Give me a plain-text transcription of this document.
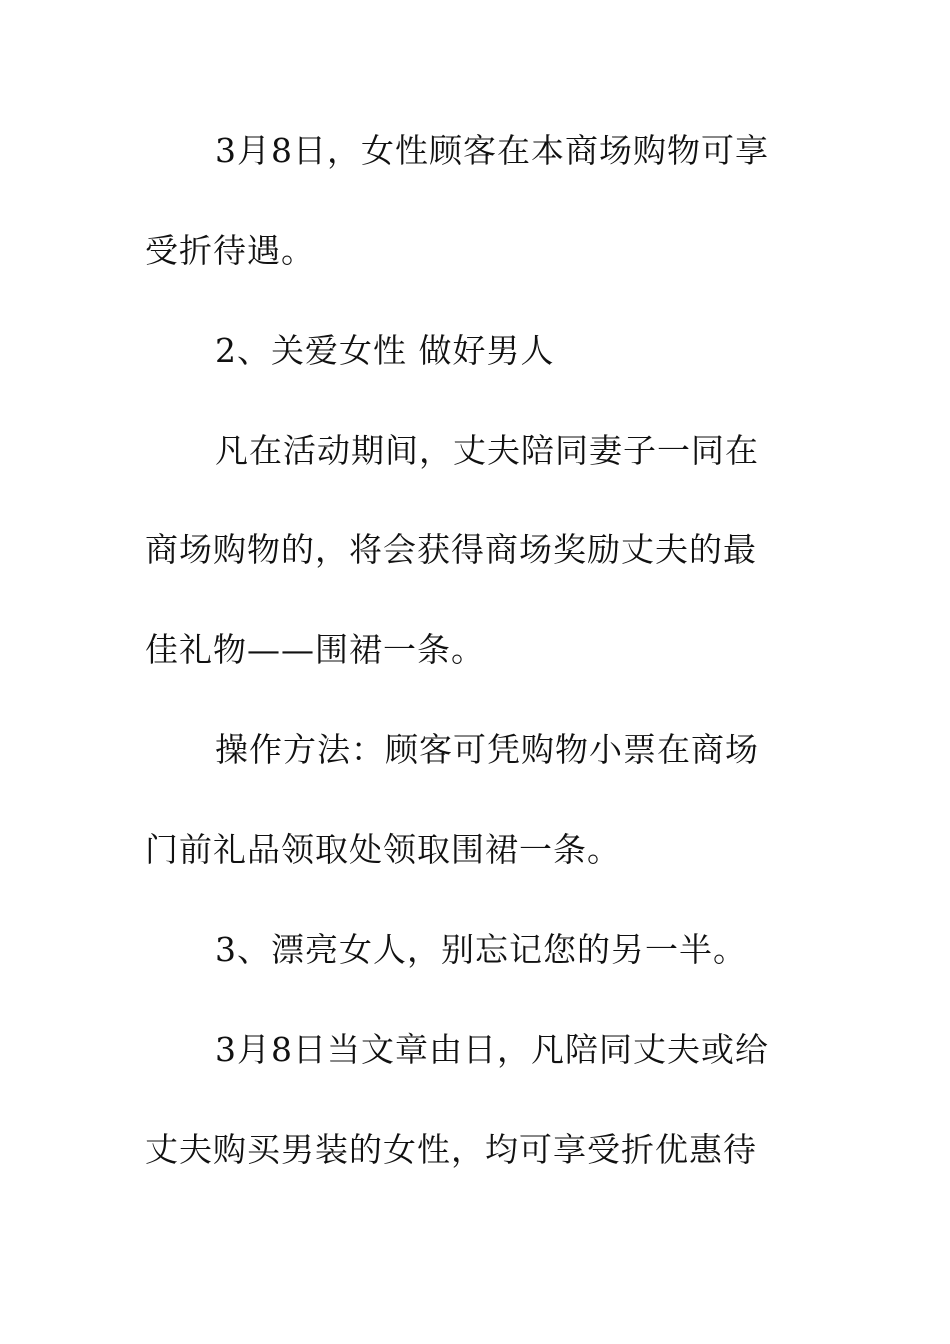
3月8日，女性顾客在本商场购物可享
受折待遇。
2、关爱女性 做好男人
凡在活动期间，丈夫陪同妻子一同在
商场购物的，将会获得商场奖励丈夫的最
佳礼物——围裙一条。
操作方法：顾客可凭购物小票在商场
门前礼品领取处领取围裙一条。
3、漂亮女人，别忘记您的另一半。
3月8日当文章由日，凡陪同丈夫或给
丈夫购买男装的女性，均可享受折优惠待
